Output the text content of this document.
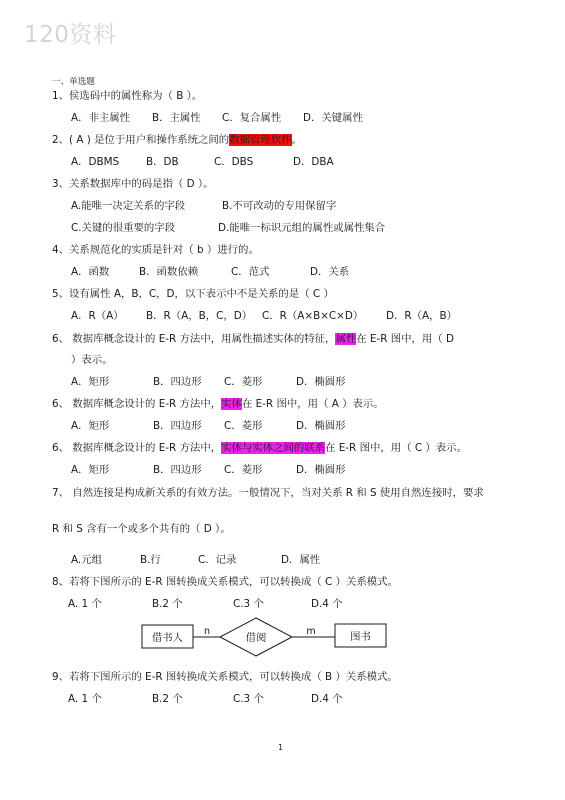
120资料
一、单选题
1、侯选码中的属性称为（ B ）。
A．非主属性 B．主属性 C．复合属性 D．关键属性
2、( A ) 是位于用户和操作系统之间的数据管理软件。
A．DBMS	B．DB	C．DBS	D．DBA
3、关系数据库中的码是指（ D ）。
A.能唯一决定关系的字段	B.不可改动的专用保留字
C.关键的很重要的字段	D.能唯一标识元组的属性或属性集合
4、关系规范化的实质是针对（ b ）进行的。
A．函数	B．函数依赖	C．范式	D．关系
5、设有属性 A，B，C，D，以下表示中不是关系的是（ C ）
A．R（A） B．R（A，B，C，D） C．R（A×B×C×D） D．R（A，B）
6、 数据库概念设计的 E-R 方法中，用属性描述实体的特征，属性在 E-R 图中，用（ D
）表示。
A．矩形	B．四边形 C．菱形	D．椭圆形
6、 数据库概念设计的 E-R 方法中，实体在 E-R 图中，用（ A ）表示。
A．矩形	B．四边形 C．菱形	D．椭圆形
6、 数据库概念设计的 E-R 方法中，实体与实体之间的联系在 E-R 图中，用（ C ）表示。
A．矩形	B．四边形 C．菱形	D．椭圆形
7、 自然连接是构成新关系的有效方法。一般情况下，当对关系 R 和 S 使用自然连接时，要求
R 和 S 含有一个或多个共有的（ D ）。
A.元组	B.行	C．记录	D．属性
8、若将下图所示的 E-R 图转换成关系模式，可以转换成（ C ）关系模式。
A. 1 个	B.2 个	C.3 个	D.4 个
借书人	借阅	图书
n	m
9、若将下图所示的 E-R 图转换成关系模式，可以转换成（ B ）关系模式。
A. 1 个	B.2 个	C.3 个	D.4 个
1
